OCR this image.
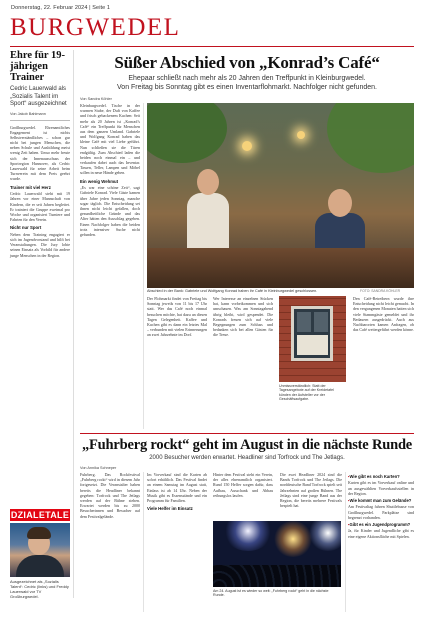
Donnerstag, 22. Februar 2024 | Seite 1
BURGWEDEL
Ehre für 19-jährigen Trainer
Cedric Lauerwald als „Sozialis Talent im Sport“ ausgezeichnet
Von Jakob Bahlmann

Großburgwedel. Ehrenamtliches Engagement ist nichts Selbstverständliches – schon gar nicht bei jungen Menschen, die neben Schule und Ausbildung meist wenig Zeit haben. Umso mehr freute sich der Innenausschuss der Sportregion Hannover, als Cedric Lauerwald für seine Arbeit beim Turnverein mit dem Preis geehrt wurde.

Trainer mit viel Herz

Cedric Lauerwald steht mit 19 Jahren vor einer Mannschaft von Kindern, die er seit Jahren begleitet. Er trainiert die Gruppe zweimal pro Woche und organisiert Turniere und Fahrten für den Verein.

Nicht nur Sport

Neben dem Training engagiert er sich im Jugendvorstand und hilft bei Veranstaltungen. Die Jury lobte seinen Einsatz als Vorbild für andere junge Menschen in der Region.

DZIALETALE
Ausgezeichnet als „Sozialis Talent“: Cedric (links) und Freddy Lauerwald vor TV Großburgwedel.
Süßer Abschied von „Konrad’s Café“
Ehepaar schließt nach mehr als 20 Jahren den Treffpunkt in Kleinburgwedel.
Von Freitag bis Sonntag gibt es einen Inventarflohmarkt. Nachfolger nicht gefunden.
Von Sandra Köhler

Kleinburgwedel. Tische in der warmen Stube, der Duft von Kaffee und frisch gebackenem Kuchen: Seit mehr als 20 Jahren ist „Konrad’s Café“ ein Treffpunkt für Menschen aus dem ganzen Umland. Gabriele und Wolfgang Konrad haben das kleine Café mit viel Liebe geführt. Nun schließen sie die Türen endgültig. Zum Abschied laden die beiden noch einmal ein – und verkaufen dabei auch das Inventar. Tassen, Teller, Lampen und Möbel sollen in neue Hände gehen.

Ein wenig Wehmut

„Es war eine schöne Zeit“, sagt Gabriele Konrad. Viele Gäste kamen über Jahre jeden Sonntag, manche sogar täglich. Die Entscheidung sei ihnen nicht leicht gefallen, doch gesundheitliche Gründe und das Alter hätten den Ausschlag gegeben. Einen Nachfolger haben die beiden trotz intensiver Suche nicht gefunden.

Abschied in der Bank: Gabriele und Wolfgang Konrad haben ihr Café in Kleinburgwedel geschlossen.	FOTO: SANDRA KÖHLER

Der Flohmarkt findet von Freitag bis Sonntag jeweils von 11 bis 17 Uhr statt. Wer das Café noch einmal besuchen möchte, hat dazu an diesen Tagen Gelegenheit. Kaffee und Kuchen gibt es dann ein letztes Mal – verbunden mit vielen Erinnerungen an zwei Jahrzehnte im Dorf.

Wer Interesse an einzelnen Stücken hat, kann vorbeikommen und sich umschauen. Was am Sonntagabend übrig bleibt, wird gespendet. Die Konrads freuen sich auf viele Begegnungen zum Schluss und bedanken sich bei allen Gästen für die Treue.

Unmissverständlich: Statt der Tagesangebote auf der Kreidetafel künden der Aufsteller vor der Geschäftsaufgabe.

Den Café-Betreibern wurde ihre Entscheidung nicht leicht gemacht. In den vergangenen Monaten hatten sich viele Stammgäste gemeldet und ihr Bedauern ausgedrückt. Auch aus Nachbarorten kamen Anfragen, ob das Café weitergeführt werden könne.

„Fuhrberg rockt“ geht im August in die nächste Runde
2000 Besucher werden erwartet. Headliner sind Torfrock und The Jetlags.
Von Annika Schneper

Fuhrberg. Das Rockfestival „Fuhrberg rockt“ wird in diesem Jahr fortgesetzt. Die Veranstalter haben bereits die Headliner bekannt gegeben: Torfrock und The Jetlags werden auf der Bühne stehen. Erwartet werden bis zu 2000 Besucherinnen und Besucher auf dem Festivalgelände.

Im Vorverkauf sind die Karten ab sofort erhältlich. Das Festival findet an einem Samstag im August statt, Einlass ist ab 14 Uhr. Neben der Musik gibt es Essensstände und ein Programm für Familien.

Viele Helfer im Einsatz

Hinter dem Festival steht ein Verein, der alles ehrenamtlich organisiert. Rund 150 Helfer sorgen dafür, dass Aufbau, Ausschank und Abbau reibungslos laufen.

Die zwei Headliner 2024 sind die Bands Torfrock und The Jetlags. Die norddeutsche Band Torfrock spielt seit Jahrzehnten auf großen Bühnen. The Jetlags sind eine junge Band aus der Region, die bereits mehrere Festivals bespielt hat.

Am 24. August ist es wieder so weit: „Fuhrberg rockt“ geht in die nächste Runde.
▪ Wie gibt es noch Karten?

Karten gibt es im Vorverkauf online und an ausgewählten Vorverkaufsstellen in der Region.

▪ Wie kommt man zum Gelände?

Am Festivaltag fahren Shuttlebusse von Großburgwedel. Parkplätze sind begrenzt vorhanden.

▪ Gibt es ein Jugendprogramm?

Ja, für Kinder und Jugendliche gibt es eine eigene Aktionsfläche mit Spielen.
